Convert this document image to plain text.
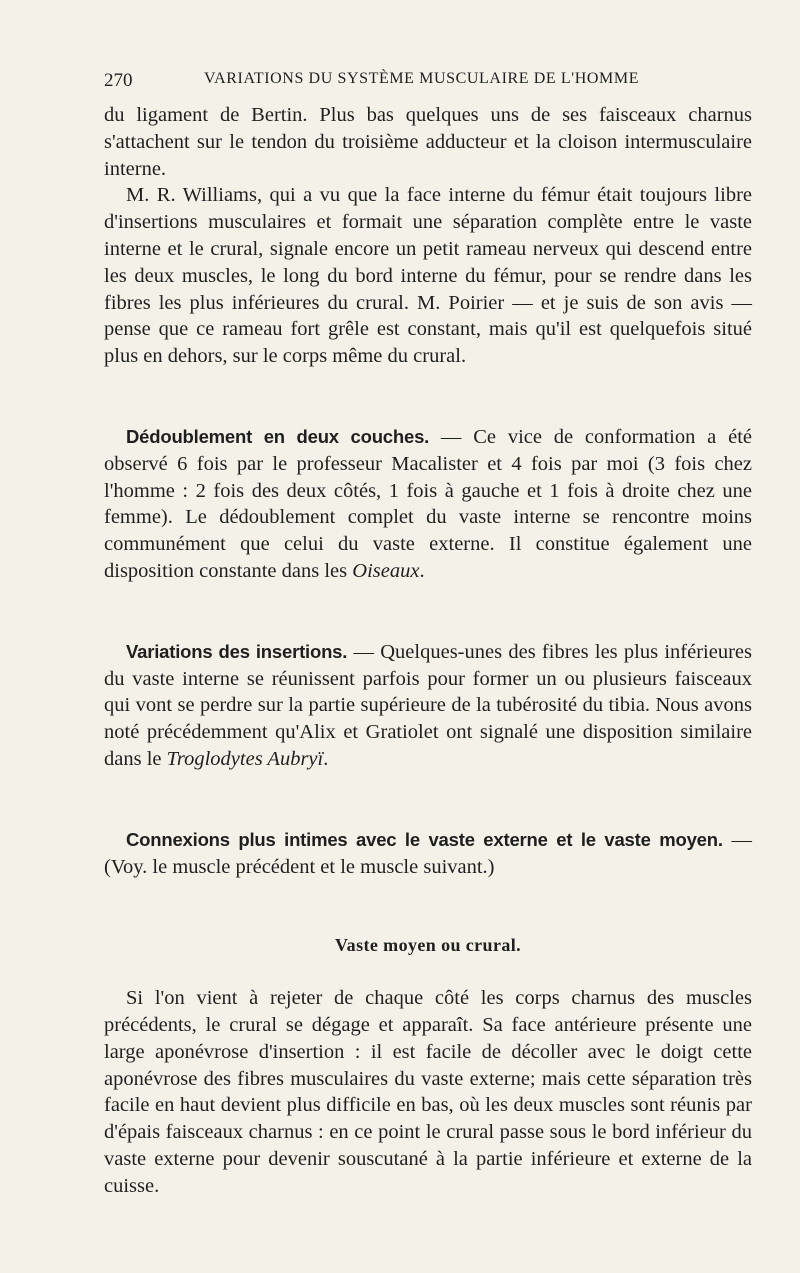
270	VARIATIONS DU SYSTÈME MUSCULAIRE DE L'HOMME

du ligament de Bertin. Plus bas quelques uns de ses faisceaux charnus s'attachent sur le tendon du troisième adducteur et la cloison intermusculaire interne.

M. R. Williams, qui a vu que la face interne du fémur était toujours libre d'insertions musculaires et formait une séparation complète entre le vaste interne et le crural, signale encore un petit rameau nerveux qui descend entre les deux muscles, le long du bord interne du fémur, pour se rendre dans les fibres les plus inférieures du crural. M. Poirier — et je suis de son avis — pense que ce rameau fort grêle est constant, mais qu'il est quelquefois situé plus en dehors, sur le corps même du crural.

Dédoublement en deux couches. — Ce vice de conformation a été observé 6 fois par le professeur Macalister et 4 fois par moi (3 fois chez l'homme : 2 fois des deux côtés, 1 fois à gauche et 1 fois à droite chez une femme). Le dédoublement complet du vaste interne se rencontre moins communément que celui du vaste externe. Il constitue également une disposition constante dans les Oiseaux.

Variations des insertions. — Quelques-unes des fibres les plus inférieures du vaste interne se réunissent parfois pour former un ou plusieurs faisceaux qui vont se perdre sur la partie supérieure de la tubérosité du tibia. Nous avons noté précédemment qu'Alix et Gratiolet ont signalé une disposition similaire dans le Troglodytes Aubryï.

Connexions plus intimes avec le vaste externe et le vaste moyen. — (Voy. le muscle précédent et le muscle suivant.)

Vaste moyen ou crural.

Si l'on vient à rejeter de chaque côté les corps charnus des muscles précédents, le crural se dégage et apparaît. Sa face antérieure présente une large aponévrose d'insertion : il est facile de décoller avec le doigt cette aponévrose des fibres musculaires du vaste externe; mais cette séparation très facile en haut devient plus difficile en bas, où les deux muscles sont réunis par d'épais faisceaux charnus : en ce point le crural passe sous le bord inférieur du vaste externe pour devenir souscutané à la partie inférieure et externe de la cuisse.
